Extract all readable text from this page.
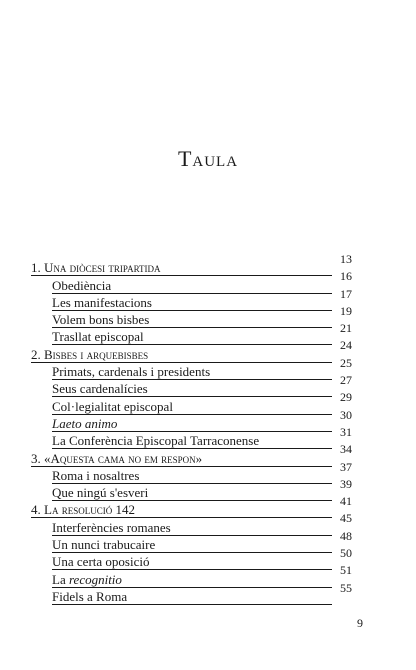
Taula
1. Una diòcesi tripartida
13
Obediència
16
Les manifestacions
17
Volem bons bisbes
19
Trasllat episcopal
21
2. Bisbes i arquebisbes
24
Primats, cardenals i presidents
25
Seus cardenalícies
27
Col·legialitat episcopal
29
Laeto animo
30
La Conferència Episcopal Tarraconense
31
3. «Aquesta cama no em respon»
34
Roma i nosaltres
37
Que ningú s'esveri
39
4. La resolució 142
41
Interferències romanes
45
Un nunci trabucaire
48
Una certa oposició
50
La recognitio
51
Fidels a Roma
55
9
